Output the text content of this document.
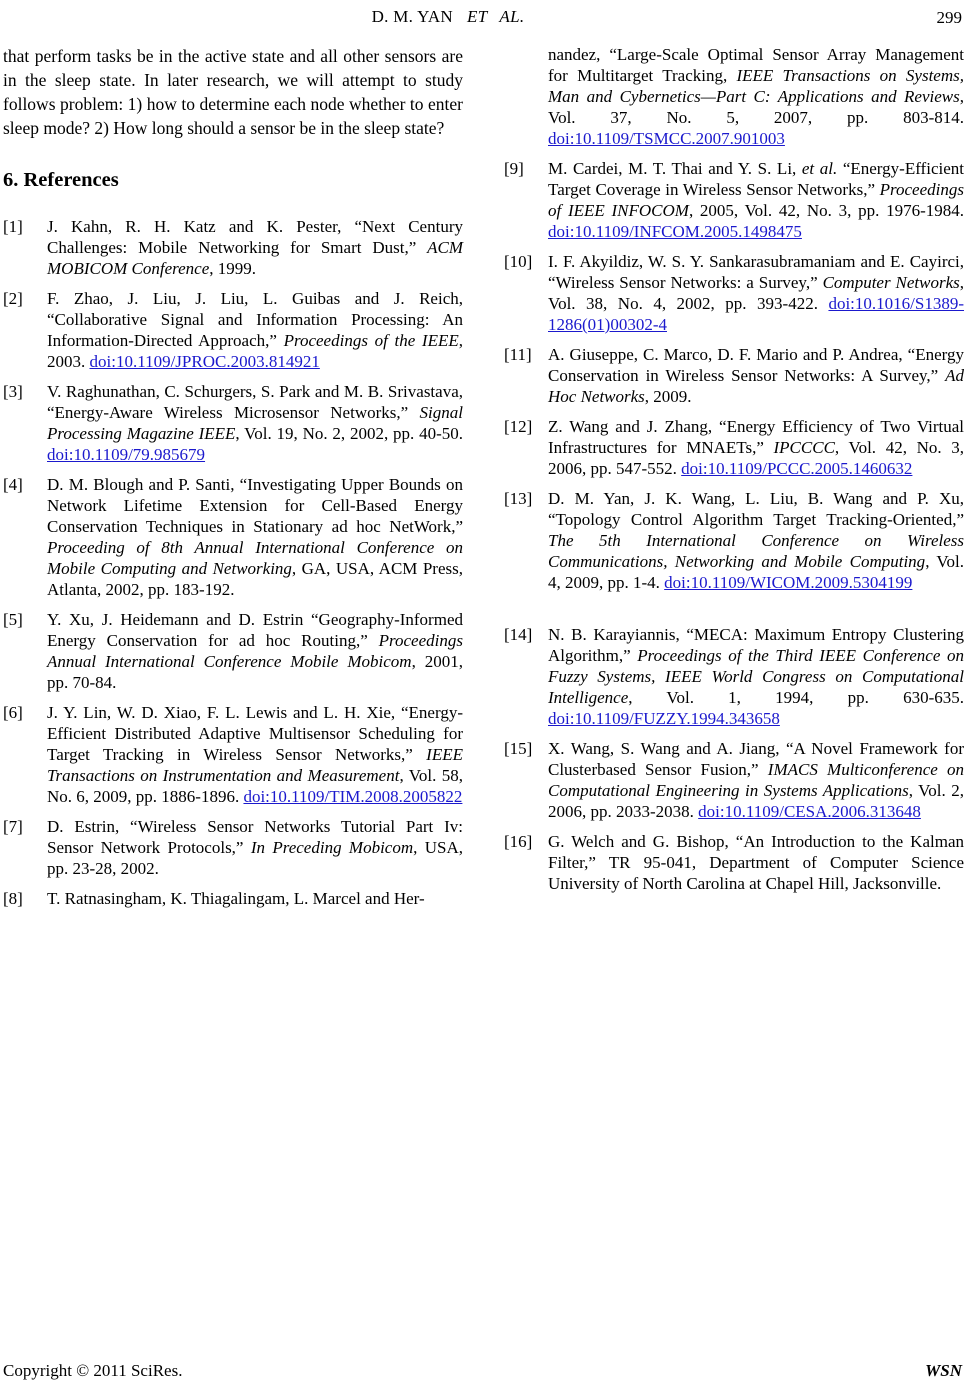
D. M. YAN ET AL.	299

that perform tasks be in the active state and all other sensors are in the sleep state. In later research, we will attempt to study follows problem: 1) how to determine each node whether to enter sleep mode? 2) How long should a sensor be in the sleep state?

6. References
[1] J. Kahn, R. H. Katz and K. Pester, “Next Century Challenges: Mobile Networking for Smart Dust,” ACM MOBICOM Conference, 1999.
[2] F. Zhao, J. Liu, J. Liu, L. Guibas and J. Reich, “Collaborative Signal and Information Processing: An Information-Directed Approach,” Proceedings of the IEEE, 2003. doi:10.1109/JPROC.2003.814921
[3] V. Raghunathan, C. Schurgers, S. Park and M. B. Srivastava, “Energy-Aware Wireless Microsensor Networks,” Signal Processing Magazine IEEE, Vol. 19, No. 2, 2002, pp. 40-50. doi:10.1109/79.985679
[4] D. M. Blough and P. Santi, “Investigating Upper Bounds on Network Lifetime Extension for Cell-Based Energy Conservation Techniques in Stationary ad hoc NetWork,” Proceeding of 8th Annual International Conference on Mobile Computing and Networking, GA, USA, ACM Press, Atlanta, 2002, pp. 183-192.
[5] Y. Xu, J. Heidemann and D. Estrin “Geography-Informed Energy Conservation for ad hoc Routing,” Proceedings Annual International Conference Mobile Mobicom, 2001, pp. 70-84.
[6] J. Y. Lin, W. D. Xiao, F. L. Lewis and L. H. Xie, “Energy-Efficient Distributed Adaptive Multisensor Scheduling for Target Tracking in Wireless Sensor Networks,” IEEE Transactions on Instrumentation and Measurement, Vol. 58, No. 6, 2009, pp. 1886-1896. doi:10.1109/TIM.2008.2005822
[7] D. Estrin, “Wireless Sensor Networks Tutorial Part Iv: Sensor Network Protocols,” In Preceding Mobicom, USA, pp. 23-28, 2002.
[8] T. Ratnasingham, K. Thiagalingam, L. Marcel and Her-
nandez, “Large-Scale Optimal Sensor Array Management for Multitarget Tracking, IEEE Transactions on Systems, Man and Cybernetics—Part C: Applications and Reviews, Vol. 37, No. 5, 2007, pp. 803-814. doi:10.1109/TSMCC.2007.901003
[9] M. Cardei, M. T. Thai and Y. S. Li, et al. “Energy-Efficient Target Coverage in Wireless Sensor Networks,” Proceedings of IEEE INFOCOM, 2005, Vol. 42, No. 3, pp. 1976-1984. doi:10.1109/INFCOM.2005.1498475
[10] I. F. Akyildiz, W. S. Y. Sankarasubramaniam and E. Cayirci, “Wireless Sensor Networks: a Survey,” Computer Networks, Vol. 38, No. 4, 2002, pp. 393-422. doi:10.1016/S1389-1286(01)00302-4
[11] A. Giuseppe, C. Marco, D. F. Mario and P. Andrea, “Energy Conservation in Wireless Sensor Networks: A Survey,” Ad Hoc Networks, 2009.
[12] Z. Wang and J. Zhang, “Energy Efficiency of Two Virtual Infrastructures for MNAETs,” IPCCCC, Vol. 42, No. 3, 2006, pp. 547-552. doi:10.1109/PCCC.2005.1460632
[13] D. M. Yan, J. K. Wang, L. Liu, B. Wang and P. Xu, “Topology Control Algorithm Target Tracking-Oriented,” The 5th International Conference on Wireless Communications, Networking and Mobile Computing, Vol. 4, 2009, pp. 1-4. doi:10.1109/WICOM.2009.5304199
[14] N. B. Karayiannis, “MECA: Maximum Entropy Clustering Algorithm,” Proceedings of the Third IEEE Conference on Fuzzy Systems, IEEE World Congress on Computational Intelligence, Vol. 1, 1994, pp. 630-635. doi:10.1109/FUZZY.1994.343658
[15] X. Wang, S. Wang and A. Jiang, “A Novel Framework for Clusterbased Sensor Fusion,” IMACS Multiconference on Computational Engineering in Systems Applications, Vol. 2, 2006, pp. 2033-2038. doi:10.1109/CESA.2006.313648
[16] G. Welch and G. Bishop, “An Introduction to the Kalman Filter,” TR 95-041, Department of Computer Science University of North Carolina at Chapel Hill, Jacksonville.
Copyright © 2011 SciRes.	WSN
